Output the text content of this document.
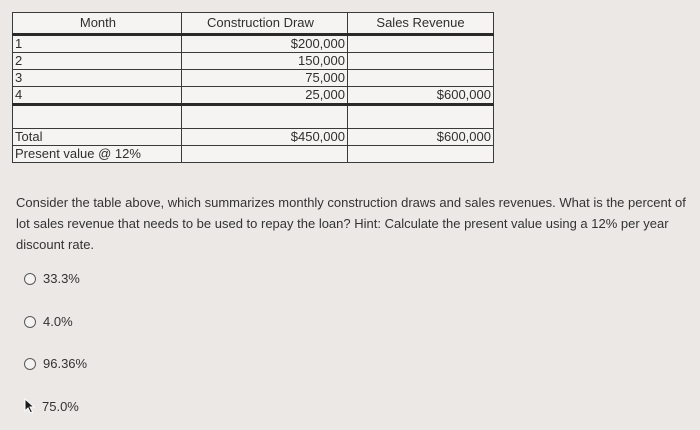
Month	Construction Draw	Sales Revenue
1	$200,000	
2	150,000	
3	75,000	
4	25,000	$600,000

Total	$450,000	$600,000
Present value @ 12%		
Consider the table above, which summarizes monthly construction draws and sales revenues. What is the percent of lot sales revenue that needs to be used to repay the loan? Hint: Calculate the present value using a 12% per year discount rate.
33.3%
4.0%
96.36%
75.0%
